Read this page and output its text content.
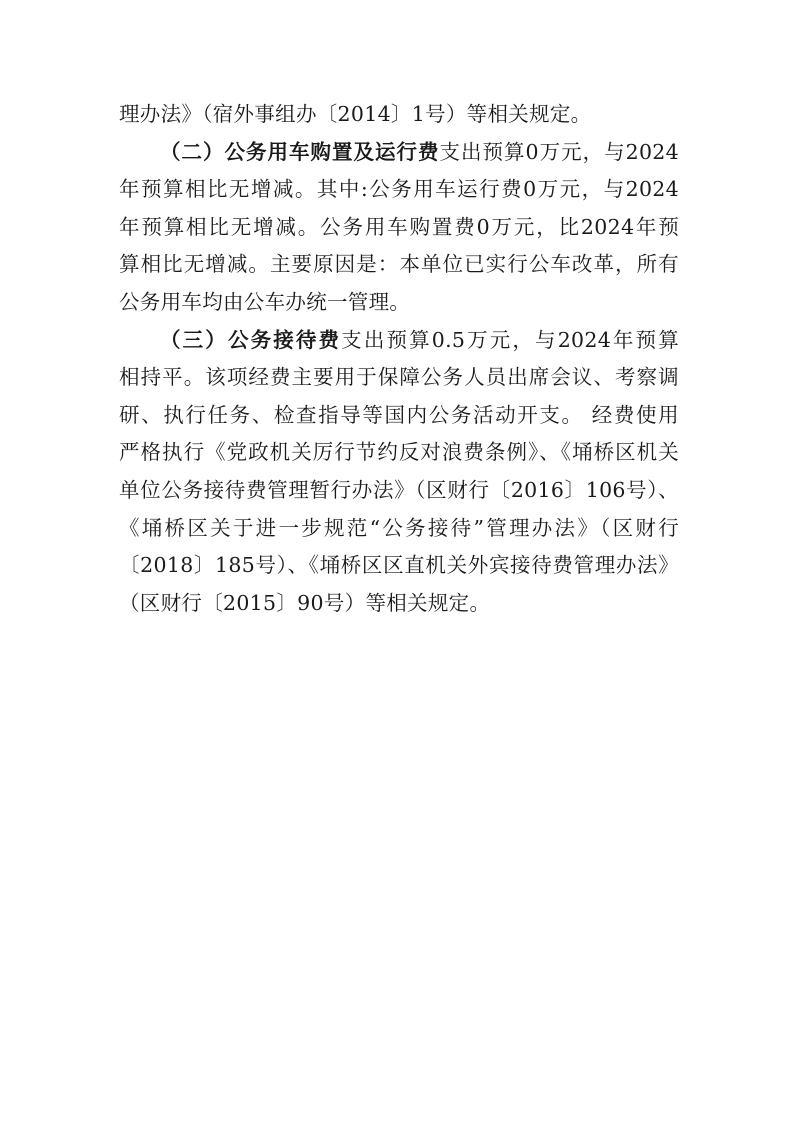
理办法》（宿外事组办〔2014〕1号）等相关规定。
（二）公务用车购置及运行费支出预算0万元，与2024
年预算相比无增减。其中:公务用车运行费0万元，与2024
年预算相比无增减。公务用车购置费0万元，比2024年预
算相比无增减。主要原因是：本单位已实行公车改革，所有
公务用车均由公车办统一管理。
（三）公务接待费支出预算0.5万元，与2024年预算
相持平。该项经费主要用于保障公务人员出席会议、考察调
研、执行任务、检查指导等国内公务活动开支。 经费使用
严格执行《党政机关厉行节约反对浪费条例》、《埇桥区机关
单位公务接待费管理暂行办法》（区财行〔2016〕106号）、
《埇桥区关于进一步规范“公务接待”管理办法》（区财行
〔2018〕185号）、《埇桥区区直机关外宾接待费管理办法》
（区财行〔2015〕90号）等相关规定。
